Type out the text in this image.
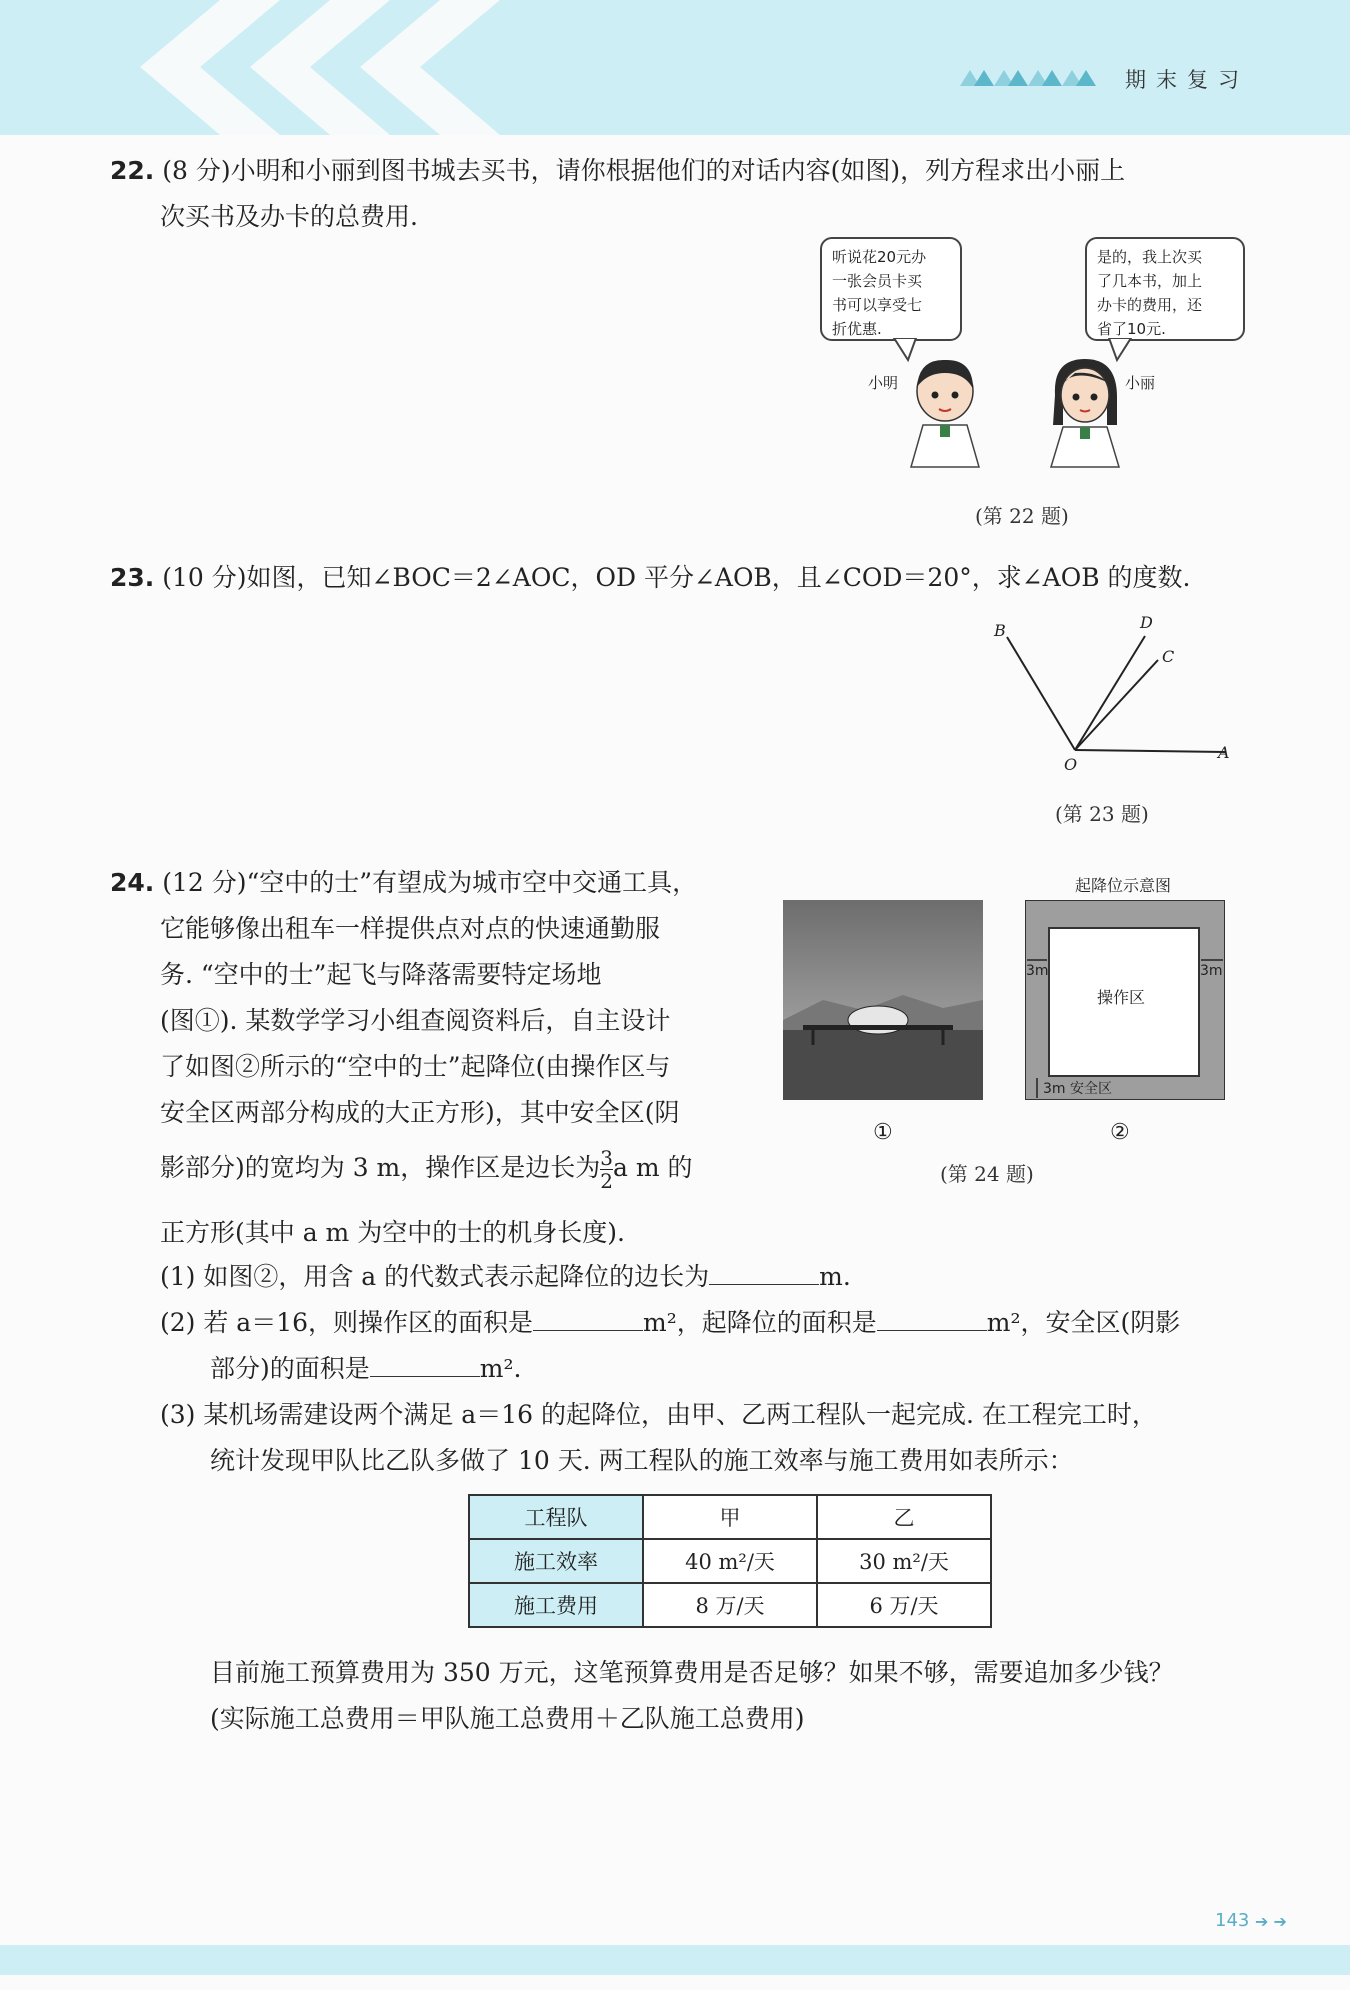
期末复习
22. (8 分)小明和小丽到图书城去买书，请你根据他们的对话内容(如图)，列方程求出小丽上
次买书及办卡的总费用.
听说花20元办
一张会员卡买
书可以享受七
折优惠.
是的，我上次买
了几本书，加上
办卡的费用，还
省了10元.
小明	小丽
(第 22 题)
23. (10 分)如图，已知∠BOC＝2∠AOC，OD 平分∠AOB，且∠COD＝20°，求∠AOB 的度数.
A
B
C
D
O
(第 23 题)
24. (12 分)“空中的士”有望成为城市空中交通工具，
它能够像出租车一样提供点对点的快速通勤服
务. “空中的士”起飞与降落需要特定场地
(图①). 某数学学习小组查阅资料后，自主设计
了如图②所示的“空中的士”起降位(由操作区与
安全区两部分构成的大正方形)，其中安全区(阴
影部分)的宽均为 3 m，操作区是边长为 $\frac{3}{2}$ a m 的
正方形(其中 a m 为空中的士的机身长度).
①
起降位示意图
操作区
3m	3m
3m 安全区
②
(第 24 题)
(1) 如图②，用含 a 的代数式表示起降位的边长为	m.
(2) 若 a＝16，则操作区的面积是	m²，起降位的面积是	m²，安全区(阴影
部分)的面积是	m².
(3) 某机场需建设两个满足 a＝16 的起降位，由甲、乙两工程队一起完成. 在工程完工时，
统计发现甲队比乙队多做了 10 天. 两工程队的施工效率与施工费用如表所示：
工程队	甲	乙
施工效率	40 m²/天	30 m²/天
施工费用	8 万/天	6 万/天
目前施工预算费用为 350 万元，这笔预算费用是否足够？如果不够，需要追加多少钱？
(实际施工总费用＝甲队施工总费用＋乙队施工总费用)
143 ➔ ➔
